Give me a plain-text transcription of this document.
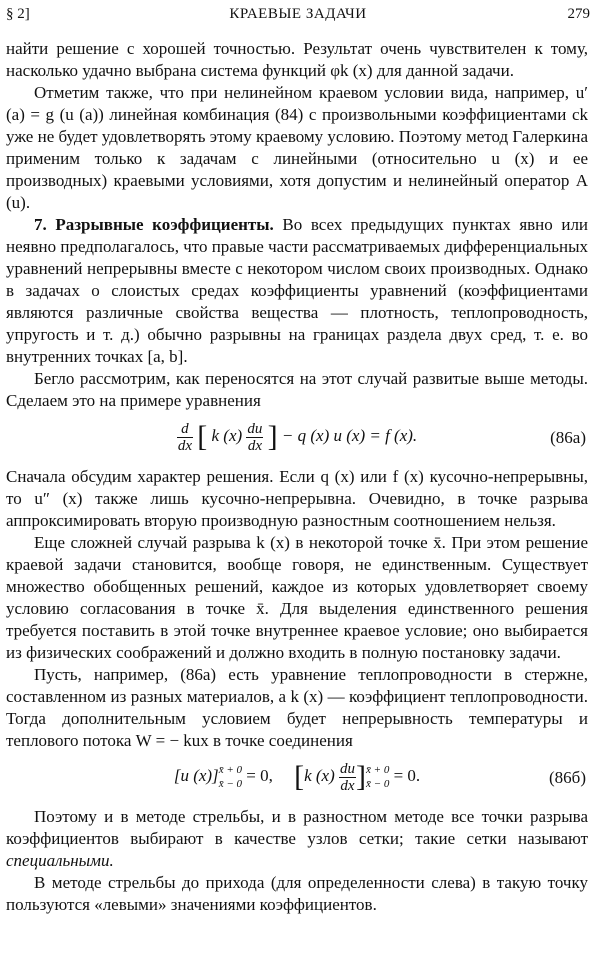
§ 2]	КРАЕВЫЕ ЗАДАЧИ	279

найти решение с хорошей точностью. Результат очень чувствителен к тому, насколько удачно выбрана система функций φk (x) для данной задачи.

Отметим также, что при нелинейном краевом условии вида, например, u′ (a) = g (u (a)) линейная комбинация (84) с произвольными коэффициентами ck уже не будет удовлетворять этому краевому условию. Поэтому метод Галеркина применим только к задачам с линейными (относительно u (x) и ее производных) краевыми условиями, хотя допустим и нелинейный оператор A (u).

7. Разрывные коэффициенты. Во всех предыдущих пунктах явно или неявно предполагалось, что правые части рассматриваемых дифференциальных уравнений непрерывны вместе с некотором числом своих производных. Однако в задачах о слоистых средах коэффициенты уравнений (коэффициентами являются различные свойства вещества — плотность, теплопроводность, упругость и т. д.) обычно разрывны на границах раздела двух сред, т. е. во внутренних точках [a, b].

Бегло рассмотрим, как переносятся на этот случай развитые выше методы. Сделаем это на примере уравнения

$\frac{d}{dx}$ [ k $(x) \frac{du}{dx}$ ] − q (x) u (x) = f (x).	(86а)

Сначала обсудим характер решения. Если q (x) или f (x) кусочно-непрерывны, то u″ (x) также лишь кусочно-непрерывна. Очевидно, в точке разрыва аппроксимировать вторую производную разностным соотношением нельзя.

Еще сложней случай разрыва k (x) в некоторой точке x̄. При этом решение краевой задачи становится, вообще говоря, не единственным. Существует множество обобщенных решений, каждое из которых удовлетворяет своему условию согласования в точке x̄. Для выделения единственного решения требуется поставить в этой точке внутреннее краевое условие; оно выбирается из физических соображений и должно входить в полную постановку задачи.

Пусть, например, (86а) есть уравнение теплопроводности в стержне, составленном из разных материалов, а k (x) — коэффициент теплопроводности. Тогда дополнительным условием будет непрерывность температуры и теплового потока W = − kux в точке соединения

[u (x)] x̄ + 0
x̄ − 0 = 0, [k $(x) \frac{du}{dx}$ ] x̄ + 0
x̄ − 0 = 0.	(86б)

Поэтому и в методе стрельбы, и в разностном методе все точки разрыва коэффициентов выбирают в качестве узлов сетки; такие сетки называют специальными.

В методе стрельбы до прихода (для определенности слева) в такую точку пользуются «левыми» значениями коэффициентов.
